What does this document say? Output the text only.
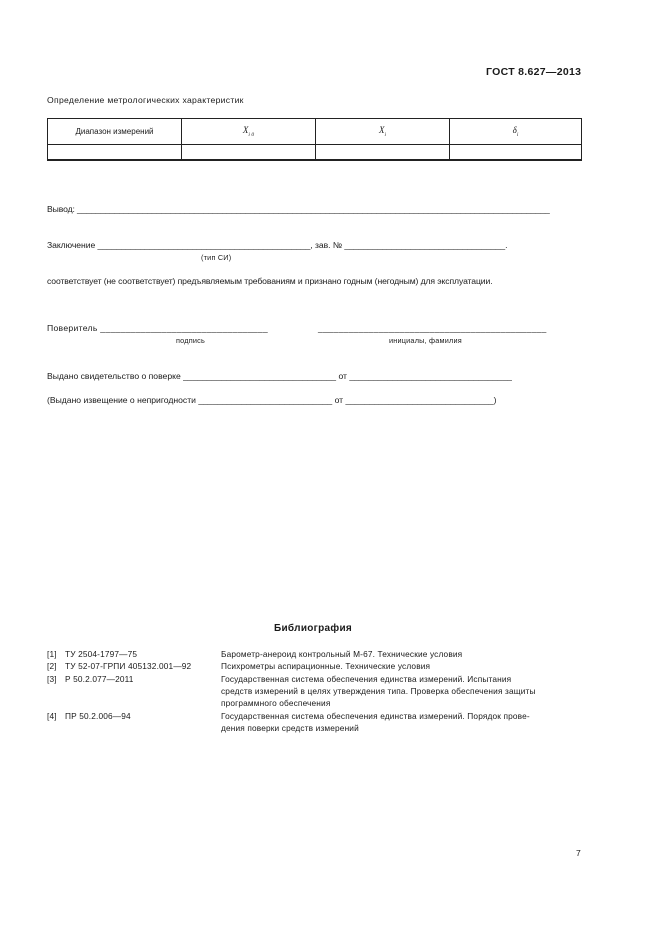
ГОСТ 8.627—2013
Определение метрологических характеристик
Диапазон измерений	$X_{i 0}$	$X_i$	$\delta_i$

Вывод: _____________________________________________________________________________________________________
Заключение _____________________________________________, зав. № __________________________________.
(тип СИ)
соответствует (не соответствует) предъявляемым требованиям и признано годным (негодным) для эксплуатации.
Поверитель _________________________________	_____________________________________________
подпись	инициалы, фамилия
Выдано свидетельство о поверке ________________________________ от __________________________________
(Выдано извещение о непригодности ____________________________ от _______________________________)
Библиография
[1] ТУ 2504-1797—75	Барометр-анероид контрольный М-67. Технические условия
[2] ТУ 52-07-ГРПИ 405132.001—92	Психрометры аспирационные. Технические условия
[3] Р 50.2.077—2011	Государственная система обеспечения единства измерений. Испытания
средств измерений в целях утверждения типа. Проверка обеспечения защиты
программного обеспечения
[4] ПР 50.2.006—94	Государственная система обеспечения единства измерений. Порядок прове-
дения поверки средств измерений
7
